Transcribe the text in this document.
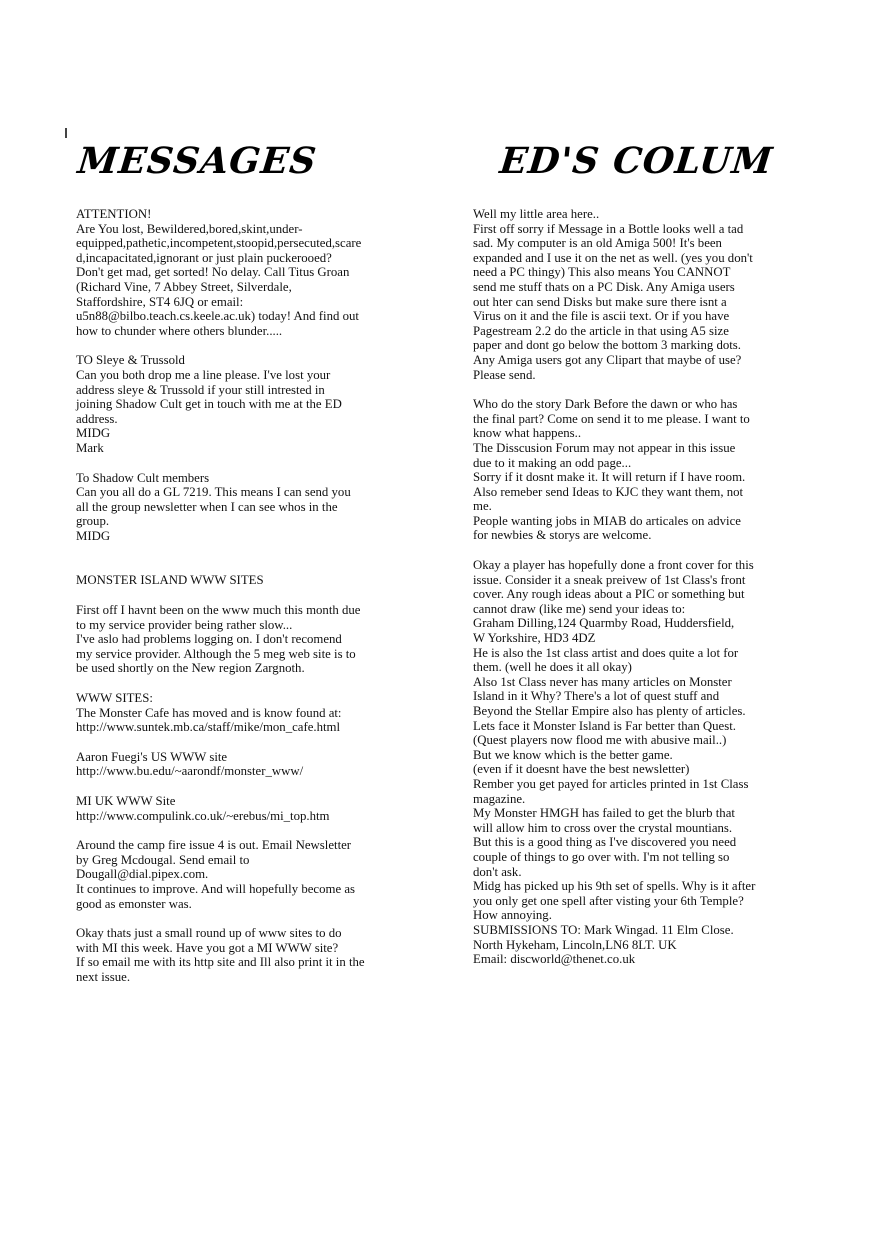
MESSAGES	ED'S COLUM
ATTENTION!
Are You lost, Bewildered,bored,skint,under-
equipped,pathetic,incompetent,stoopid,persecuted,scare
d,incapacitated,ignorant or just plain puckerooed?
Don't get mad, get sorted! No delay. Call Titus Groan
(Richard Vine, 7 Abbey Street, Silverdale,
Staffordshire, ST4 6JQ or email:
u5n88@bilbo.teach.cs.keele.ac.uk) today! And find out
how to chunder where others blunder.....
TO Sleye & Trussold
Can you both drop me a line please. I've lost your
address sleye & Trussold if your still intrested in
joining Shadow Cult get in touch with me at the ED
address.
MIDG
Mark
To Shadow Cult members
Can you all do a GL 7219. This means I can send you
all the group newsletter when I can see whos in the
group.
MIDG
MONSTER ISLAND WWW SITES
First off I havnt been on the www much this month due
to my service provider being rather slow...
I've aslo had problems logging on. I don't recomend
my service provider. Although the 5 meg web site is to
be used shortly on the New region Zargnoth.
WWW SITES:
The Monster Cafe has moved and is know found at:
http://www.suntek.mb.ca/staff/mike/mon_cafe.html
Aaron Fuegi's US WWW site
http://www.bu.edu/~aarondf/monster_www/
MI UK WWW Site
http://www.compulink.co.uk/~erebus/mi_top.htm
Around the camp fire issue 4 is out. Email Newsletter
by Greg Mcdougal. Send email to
Dougall@dial.pipex.com.
It continues to improve. And will hopefully become as
good as emonster was.
Okay thats just a small round up of www sites to do
with MI this week. Have you got a MI WWW site?
If so email me with its http site and Ill also print it in the
next issue.
Well my little area here..
First off sorry if Message in a Bottle looks well a tad
sad. My computer is an old Amiga 500! It's been
expanded and I use it on the net as well. (yes you don't
need a PC thingy) This also means You CANNOT
send me stuff thats on a PC Disk. Any Amiga users
out hter can send Disks but make sure there isnt a
Virus on it and the file is ascii text. Or if you have
Pagestream 2.2 do the article in that using A5 size
paper and dont go below the bottom 3 marking dots.
Any Amiga users got any Clipart that maybe of use?
Please send.
Who do the story Dark Before the dawn or who has
the final part? Come on send it to me please. I want to
know what happens..
The Disscusion Forum may not appear in this issue
due to it making an odd page...
Sorry if it dosnt make it. It will return if I have room.
Also remeber send Ideas to KJC they want them, not
me.
People wanting jobs in MIAB do articales on advice
for newbies & storys are welcome.
Okay a player has hopefully done a front cover for this
issue. Consider it a sneak preivew of 1st Class's front
cover. Any rough ideas about a PIC or something but
cannot draw (like me) send your ideas to:
Graham Dilling,124 Quarmby Road, Huddersfield,
W Yorkshire, HD3 4DZ
He is also the 1st class artist and does quite a lot for
them. (well he does it all okay)
Also 1st Class never has many articles on Monster
Island in it Why? There's a lot of quest stuff and
Beyond the Stellar Empire also has plenty of articles.
Lets face it Monster Island is Far better than Quest.
(Quest players now flood me with abusive mail..)
But we know which is the better game.
(even if it doesnt have the best newsletter)
Rember you get payed for articles printed in 1st Class
magazine.
My Monster HMGH has failed to get the blurb that
will allow him to cross over the crystal mountians.
But this is a good thing as I've discovered you need
couple of things to go over with. I'm not telling so
don't ask.
Midg has picked up his 9th set of spells. Why is it after
you only get one spell after visting your 6th Temple?
How annoying.
SUBMISSIONS TO: Mark Wingad. 11 Elm Close.
North Hykeham, Lincoln,LN6 8LT. UK
Email: discworld@thenet.co.uk
